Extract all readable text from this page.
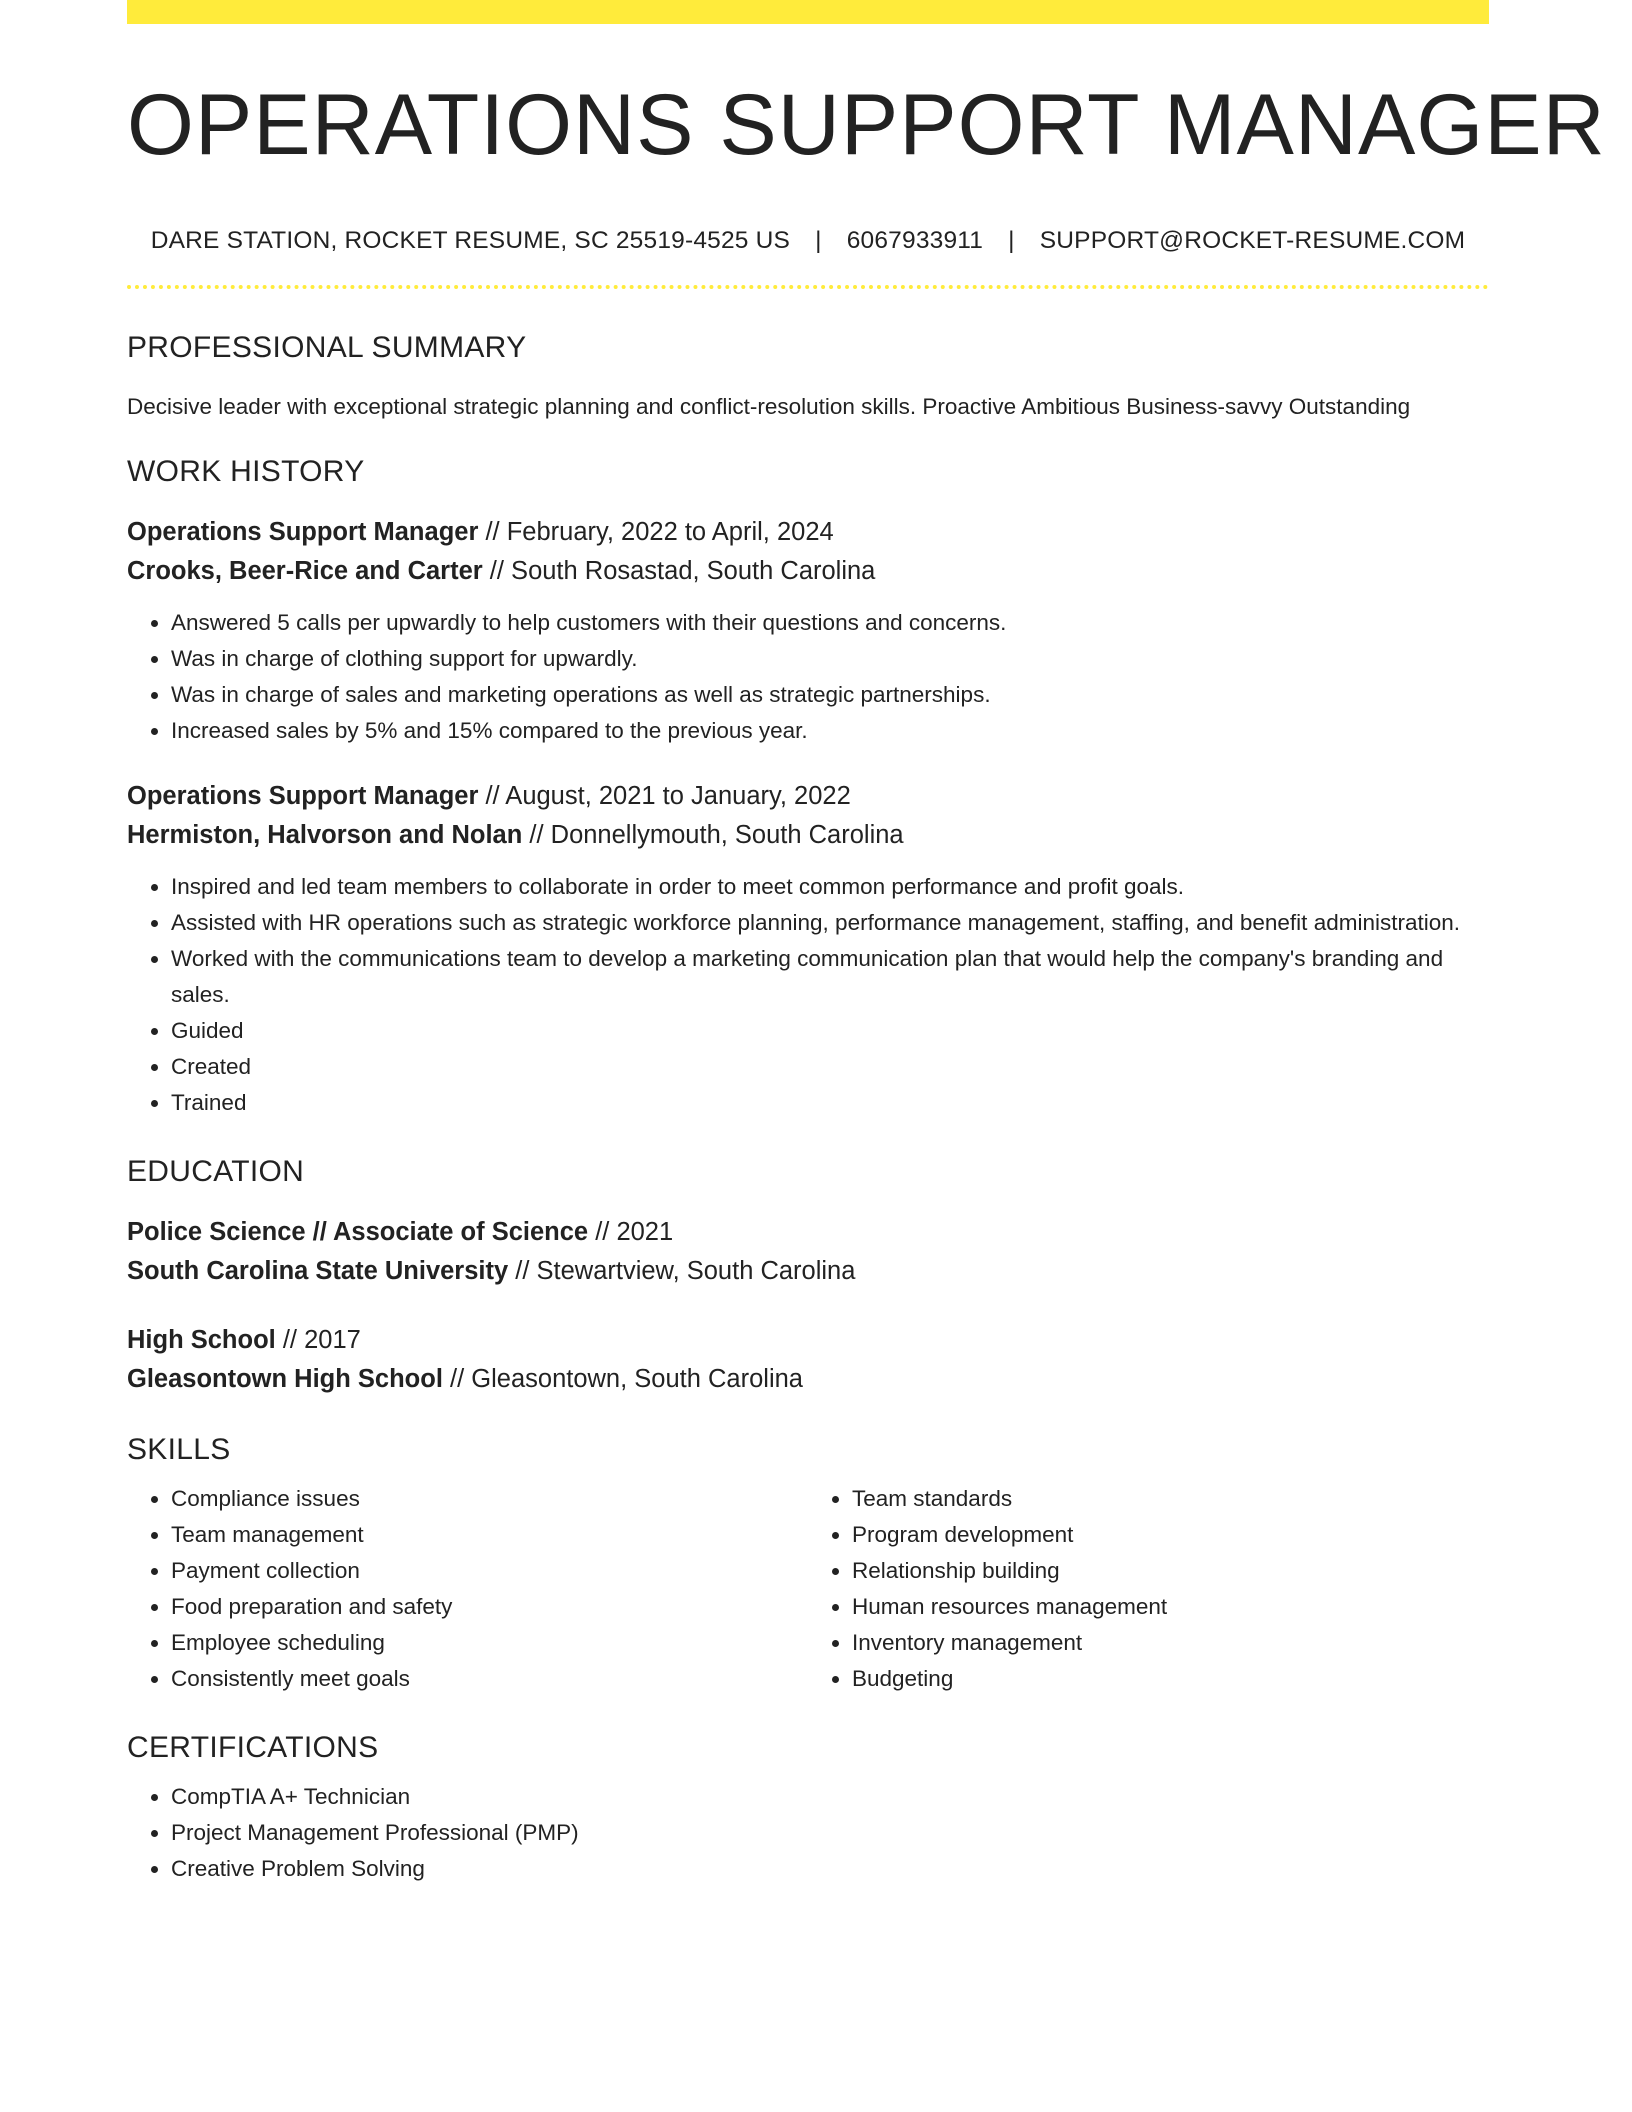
OPERATIONS SUPPORT MANAGER
DARE STATION, ROCKET RESUME, SC 25519-4525 US | 6067933911 | SUPPORT@ROCKET-RESUME.COM
PROFESSIONAL SUMMARY
Decisive leader with exceptional strategic planning and conflict-resolution skills. Proactive Ambitious Business-savvy Outstanding
WORK HISTORY
Operations Support Manager // February, 2022 to April, 2024
Crooks, Beer-Rice and Carter // South Rosastad, South Carolina
• Answered 5 calls per upwardly to help customers with their questions and concerns.
• Was in charge of clothing support for upwardly.
• Was in charge of sales and marketing operations as well as strategic partnerships.
• Increased sales by 5% and 15% compared to the previous year.
Operations Support Manager // August, 2021 to January, 2022
Hermiston, Halvorson and Nolan // Donnellymouth, South Carolina
• Inspired and led team members to collaborate in order to meet common performance and profit goals.
• Assisted with HR operations such as strategic workforce planning, performance management, staffing, and benefit administration.
• Worked with the communications team to develop a marketing communication plan that would help the company's branding and sales.
• Guided
• Created
• Trained
EDUCATION
Police Science // Associate of Science // 2021
South Carolina State University // Stewartview, South Carolina
High School // 2017
Gleasontown High School // Gleasontown, South Carolina
SKILLS
• Compliance issues
• Team management
• Payment collection
• Food preparation and safety
• Employee scheduling
• Consistently meet goals
• Team standards
• Program development
• Relationship building
• Human resources management
• Inventory management
• Budgeting
CERTIFICATIONS
• CompTIA A+ Technician
• Project Management Professional (PMP)
• Creative Problem Solving
